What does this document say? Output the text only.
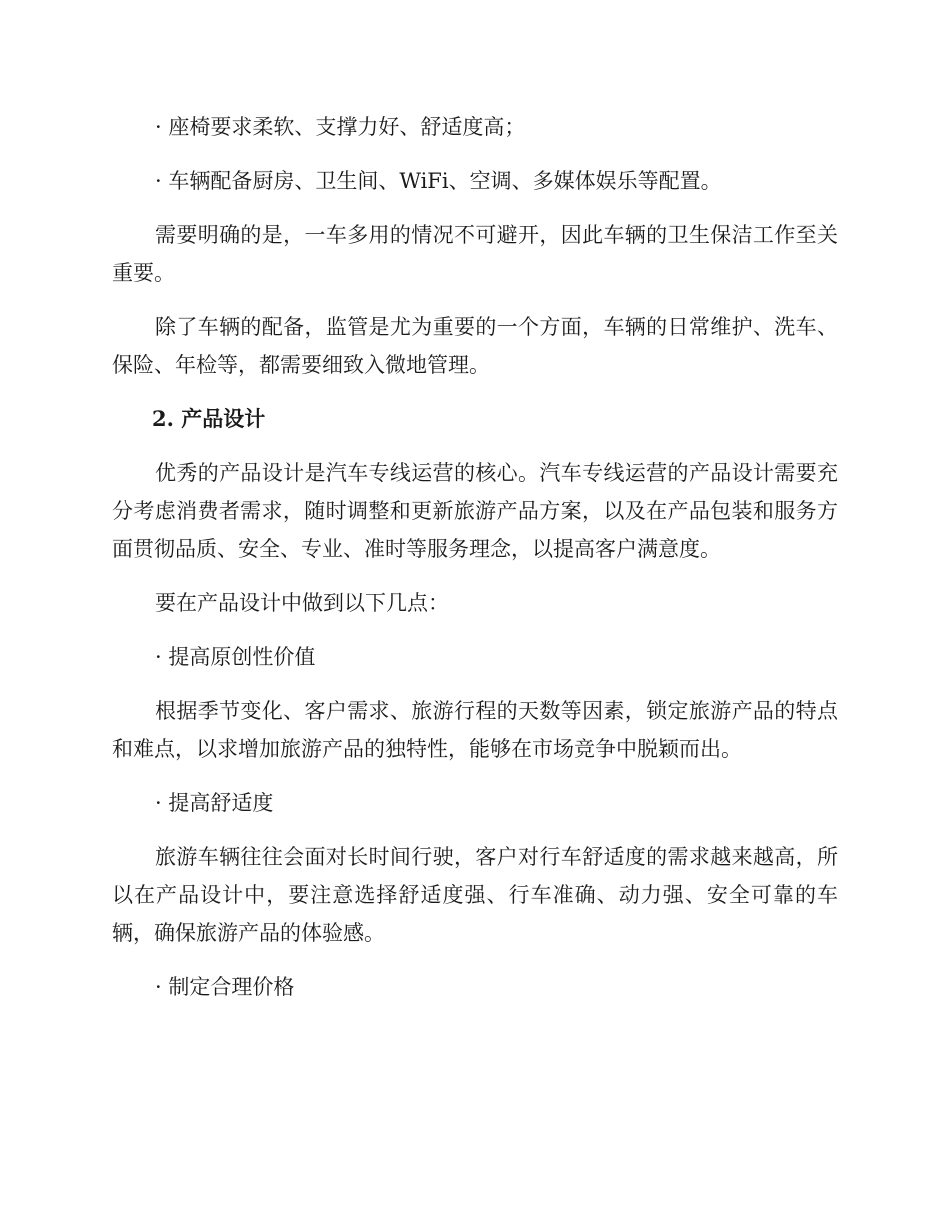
· 座椅要求柔软、支撑力好、舒适度高；

· 车辆配备厨房、卫生间、WiFi、空调、多媒体娱乐等配置。

需要明确的是，一车多用的情况不可避开，因此车辆的卫生保洁工作至关重要。

除了车辆的配备，监管是尤为重要的一个方面，车辆的日常维护、洗车、保险、年检等，都需要细致入微地管理。

2. 产品设计

优秀的产品设计是汽车专线运营的核心。汽车专线运营的产品设计需要充分考虑消费者需求，随时调整和更新旅游产品方案，以及在产品包装和服务方面贯彻品质、安全、专业、准时等服务理念，以提高客户满意度。

要在产品设计中做到以下几点：

· 提高原创性价值

根据季节变化、客户需求、旅游行程的天数等因素，锁定旅游产品的特点和难点，以求增加旅游产品的独特性，能够在市场竞争中脱颖而出。

· 提高舒适度

旅游车辆往往会面对长时间行驶，客户对行车舒适度的需求越来越高，所以在产品设计中，要注意选择舒适度强、行车准确、动力强、安全可靠的车辆，确保旅游产品的体验感。

· 制定合理价格
